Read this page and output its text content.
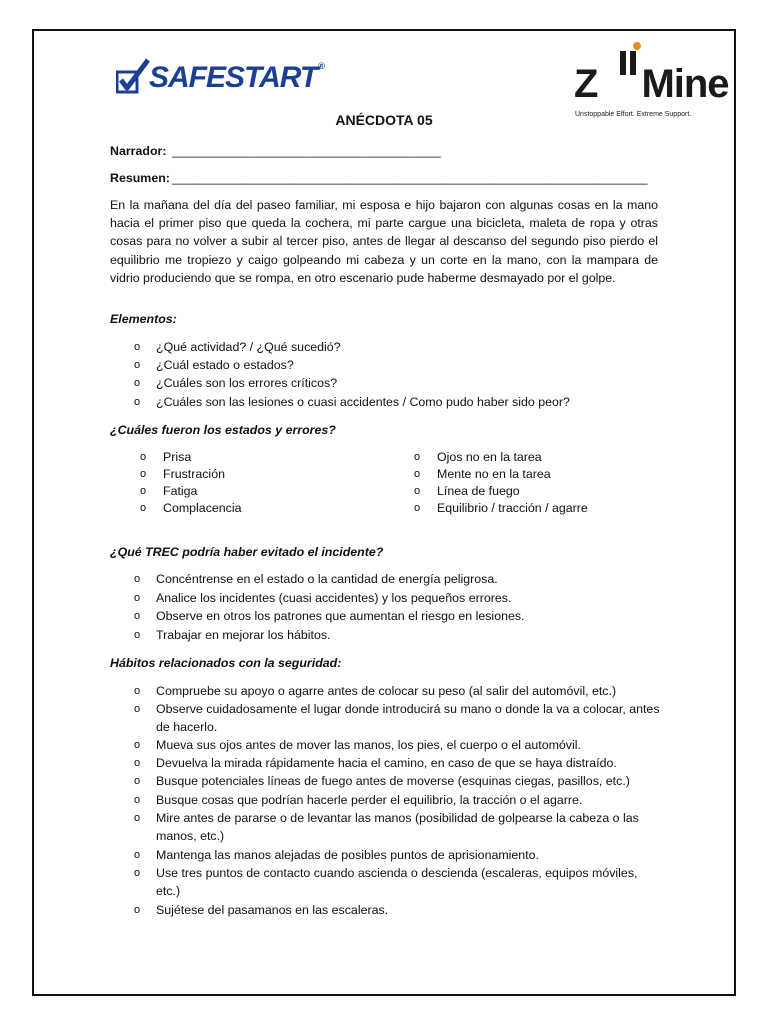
SAFESTART®	Z Mine
Unstoppable Effort. Extreme Support.
ANÉCDOTA 05
Narrador: _______________________________________
Resumen: _____________________________________________________________________
En la mañana del día del paseo familiar, mi esposa e hijo bajaron con algunas cosas en la mano hacia el primer piso que queda la cochera, mi parte cargue una bicicleta, maleta de ropa y otras cosas para no volver a subir al tercer piso, antes de llegar al descanso del segundo piso pierdo el equilibrio me tropiezo y caigo golpeando mi cabeza y un corte en la mano, con la mampara de vidrio produciendo que se rompa, en otro escenario pude haberme desmayado por el golpe.
Elementos:
o ¿Qué actividad? / ¿Qué sucedió?
o ¿Cuál estado o estados?
o ¿Cuáles son los errores críticos?
o ¿Cuáles son las lesiones o cuasi accidentes / Como pudo haber sido peor?
¿Cuáles fueron los estados y errores?
o Prisa
o Frustración
o Fatiga
o Complacencia
o Ojos no en la tarea
o Mente no en la tarea
o Línea de fuego
o Equilibrio / tracción / agarre
¿Qué TREC podría haber evitado el incidente?
o Concéntrense en el estado o la cantidad de energía peligrosa.
o Analice los incidentes (cuasi accidentes) y los pequeños errores.
o Observe en otros los patrones que aumentan el riesgo en lesiones.
o Trabajar en mejorar los hábitos.
Hábitos relacionados con la seguridad:
o Compruebe su apoyo o agarre antes de colocar su peso (al salir del automóvil, etc.)
o Observe cuidadosamente el lugar donde introducirá su mano o donde la va a colocar, antes de hacerlo.
o Mueva sus ojos antes de mover las manos, los pies, el cuerpo o el automóvil.
o Devuelva la mirada rápidamente hacia el camino, en caso de que se haya distraído.
o Busque potenciales líneas de fuego antes de moverse (esquinas ciegas, pasillos, etc.)
o Busque cosas que podrían hacerle perder el equilibrio, la tracción o el agarre.
o Mire antes de pararse o de levantar las manos (posibilidad de golpearse la cabeza o las manos, etc.)
o Mantenga las manos alejadas de posibles puntos de aprisionamiento.
o Use tres puntos de contacto cuando ascienda o descienda (escaleras, equipos móviles, etc.)
o Sujétese del pasamanos en las escaleras.
